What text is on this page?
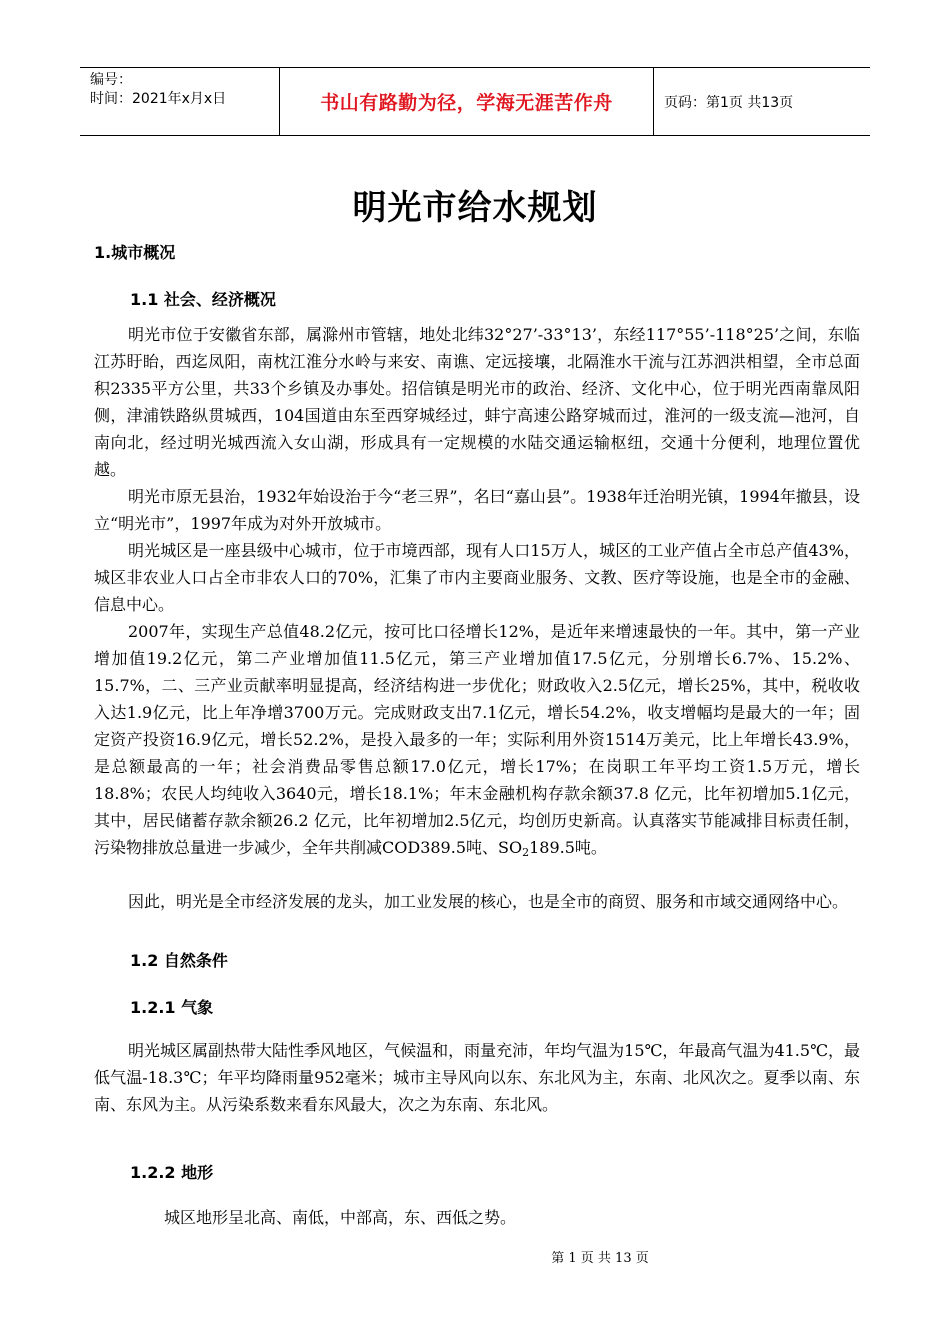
编号：
时间：2021年x月x日	书山有路勤为径，学海无涯苦作舟	页码：第1页 共13页
明光市给水规划
1.城市概况
1.1 社会、经济概况
明光市位于安徽省东部，属滁州市管辖，地处北纬32°27’-33°13’，东经117°55’-118°25’之间，东临江苏盱眙，西迄凤阳，南枕江淮分水岭与来安、南谯、定远接壤，北隔淮水干流与江苏泗洪相望，全市总面积2335平方公里，共33个乡镇及办事处。招信镇是明光市的政治、经济、文化中心，位于明光西南靠凤阳侧，津浦铁路纵贯城西，104国道由东至西穿城经过，蚌宁高速公路穿城而过，淮河的一级支流—池河，自南向北，经过明光城西流入女山湖，形成具有一定规模的水陆交通运输枢纽，交通十分便利，地理位置优越。
明光市原无县治，1932年始设治于今“老三界”，名曰“嘉山县”。1938年迁治明光镇，1994年撤县，设立“明光市”，1997年成为对外开放城市。
明光城区是一座县级中心城市，位于市境西部，现有人口15万人，城区的工业产值占全市总产值43%，城区非农业人口占全市非农人口的70%，汇集了市内主要商业服务、文教、医疗等设施，也是全市的金融、信息中心。
2007年，实现生产总值48.2亿元，按可比口径增长12%，是近年来增速最快的一年。其中，第一产业增加值19.2亿元，第二产业增加值11.5亿元，第三产业增加值17.5亿元，分别增长6.7%、15.2%、15.7%，二、三产业贡献率明显提高，经济结构进一步优化；财政收入2.5亿元，增长25%，其中，税收收入达1.9亿元，比上年净增3700万元。完成财政支出7.1亿元，增长54.2%，收支增幅均是最大的一年；固定资产投资16.9亿元，增长52.2%，是投入最多的一年；实际利用外资1514万美元，比上年增长43.9%，是总额最高的一年；社会消费品零售总额17.0亿元，增长17%；在岗职工年平均工资1.5万元，增长18.8%；农民人均纯收入3640元，增长18.1%；年末金融机构存款余额37.8 亿元，比年初增加5.1亿元，其中，居民储蓄存款余额26.2 亿元，比年初增加2.5亿元，均创历史新高。认真落实节能减排目标责任制，污染物排放总量进一步减少，全年共削减COD389.5吨、$SO_2189.5$吨。
因此，明光是全市经济发展的龙头，加工业发展的核心，也是全市的商贸、服务和市域交通网络中心。
1.2 自然条件
1.2.1 气象
明光城区属副热带大陆性季风地区，气候温和，雨量充沛，年均气温为15℃，年最高气温为41.5℃，最低气温-18.3℃；年平均降雨量952毫米；城市主导风向以东、东北风为主，东南、北风次之。夏季以南、东南、东风为主。从污染系数来看东风最大，次之为东南、东北风。
1.2.2 地形
城区地形呈北高、南低，中部高，东、西低之势。
第 1 页 共 13 页
